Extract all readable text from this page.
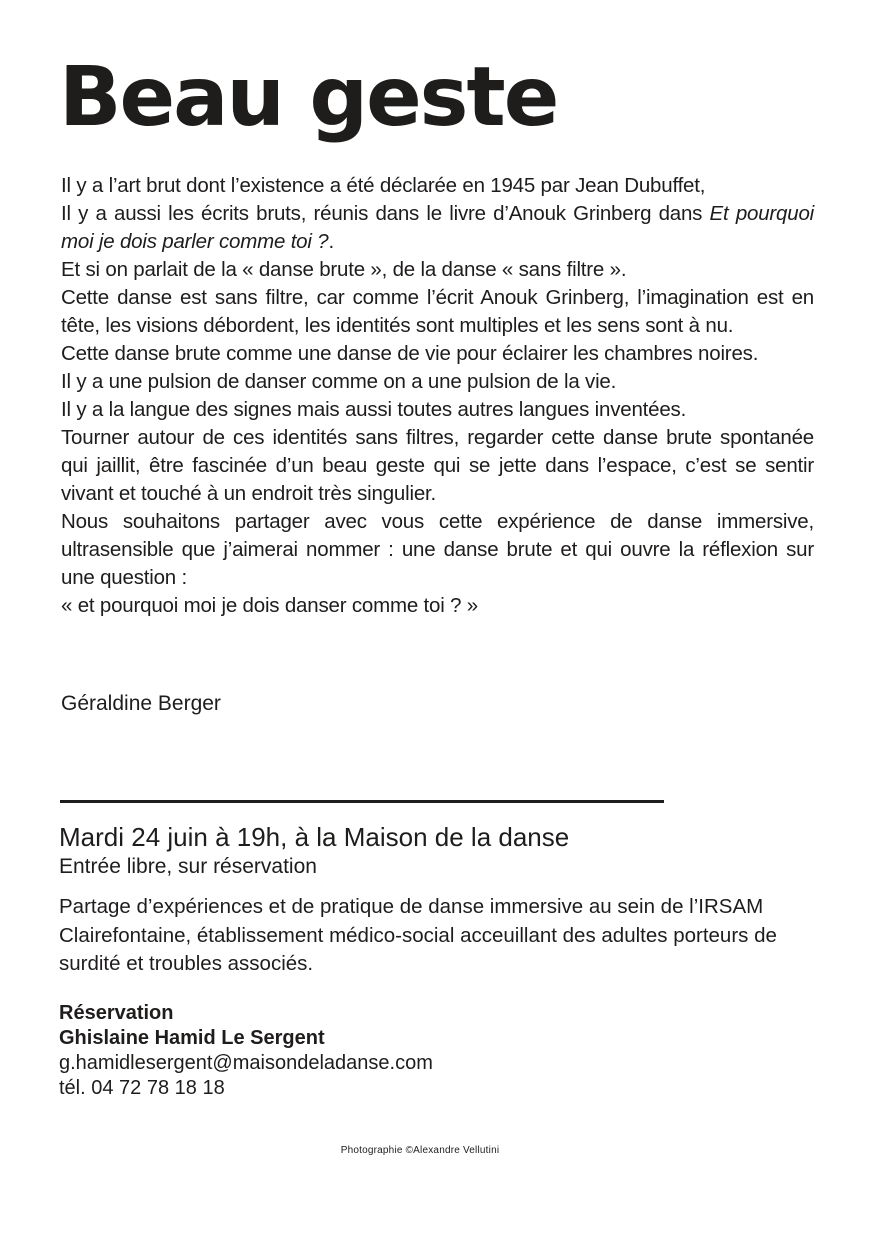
Beau geste

Il y a l’art brut dont l’existence a été déclarée en 1945 par Jean Dubuffet,

Il y a aussi les écrits bruts, réunis dans le livre d’Anouk Grinberg dans Et pourquoi moi je dois parler comme toi ?.

Et si on parlait de la « danse brute », de la danse « sans filtre ».

Cette danse est sans filtre, car comme l’écrit Anouk Grinberg, l’imagination est en tête, les visions débordent, les identités sont multiples et les sens sont à nu.

Cette danse brute comme une danse de vie pour éclairer les chambres noires.

Il y a une pulsion de danser comme on a une pulsion de la vie.

Il y a la langue des signes mais aussi toutes autres langues inventées.

Tourner autour de ces identités sans filtres, regarder cette danse brute spontanée qui jaillit, être fascinée d’un beau geste qui se jette dans l’espace, c’est se sentir vivant et touché à un endroit très singulier.

Nous souhaitons partager avec vous cette expérience de danse immersive, ultrasensible que j’aimerai nommer : une danse brute et qui ouvre la réflexion sur une question :

« et pourquoi moi je dois danser comme toi ? »

Géraldine Berger
Mardi 24 juin à 19h, à la Maison de la danse
Entrée libre, sur réservation
Partage d’expériences et de pratique de danse immersive au sein de l’IRSAM Clairefontaine, établissement médico-social acceuillant des adultes porteurs de surdité et troubles associés.
Réservation
Ghislaine Hamid Le Sergent
g.hamidlesergent@maisondeladanse.com
tél. 04 72 78 18 18
Photographie ©Alexandre Vellutini
